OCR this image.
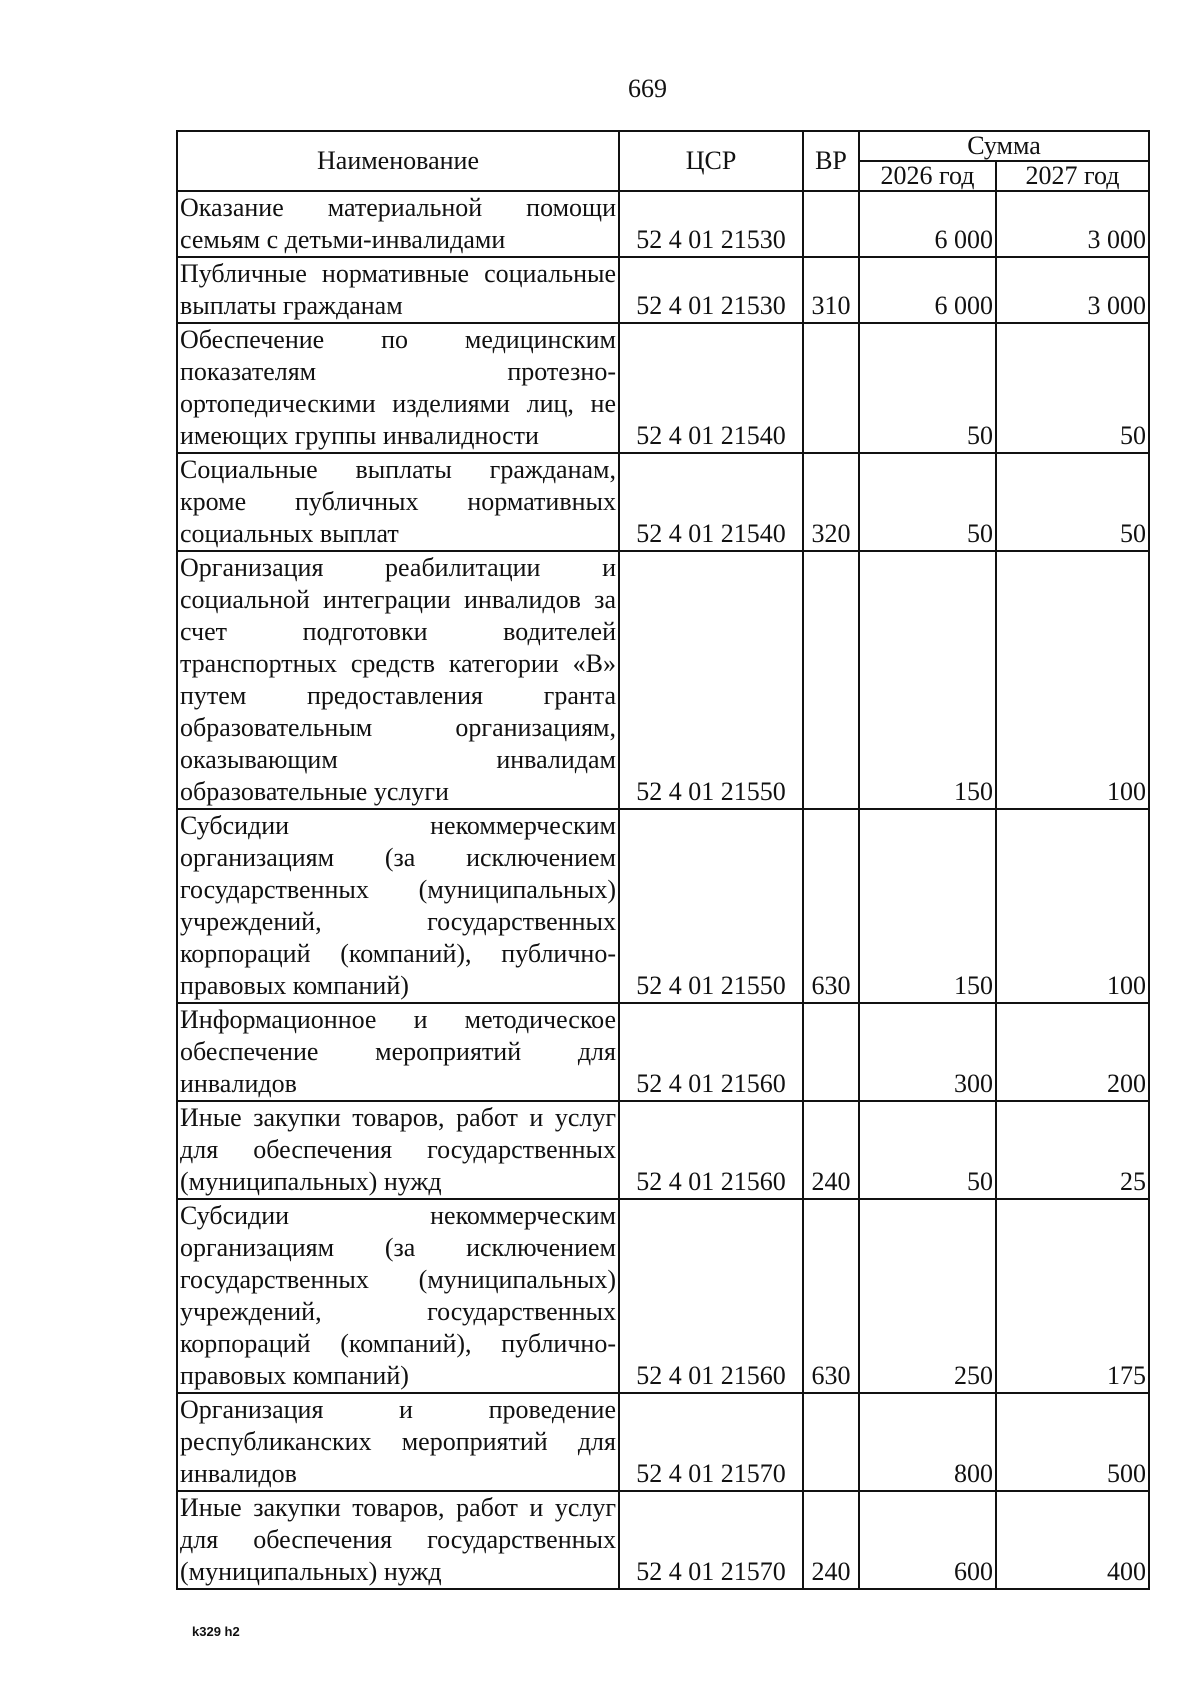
669
Наименование	ЦСР	ВР	Сумма	
			2026 год	2027 год
Оказание материальной помощи семьям с детьми-инвалидами	52 4 01 21530		6 000	3 000
Публичные нормативные социальные выплаты гражданам	52 4 01 21530	310	6 000	3 000
Обеспечение по медицинским показателям протезно-ортопедическими изделиями лиц, не имеющих группы инвалидности	52 4 01 21540		50	50
Социальные выплаты гражданам, кроме публичных нормативных социальных выплат	52 4 01 21540	320	50	50
Организация реабилитации и социальной интеграции инвалидов за счет подготовки водителей транспортных средств категории «В» путем предоставления гранта образовательным организациям, оказывающим инвалидам образовательные услуги	52 4 01 21550		150	100
Субсидии некоммерческим организациям (за исключением государственных (муниципальных) учреждений, государственных корпораций (компаний), публично-правовых компаний)	52 4 01 21550	630	150	100
Информационное и методическое обеспечение мероприятий для инвалидов	52 4 01 21560		300	200
Иные закупки товаров, работ и услуг для обеспечения государственных (муниципальных) нужд	52 4 01 21560	240	50	25
Субсидии некоммерческим организациям (за исключением государственных (муниципальных) учреждений, государственных корпораций (компаний), публично-правовых компаний)	52 4 01 21560	630	250	175
Организация и проведение республиканских мероприятий для инвалидов	52 4 01 21570		800	500
Иные закупки товаров, работ и услуг для обеспечения государственных (муниципальных) нужд	52 4 01 21570	240	600	400
k329 h2
